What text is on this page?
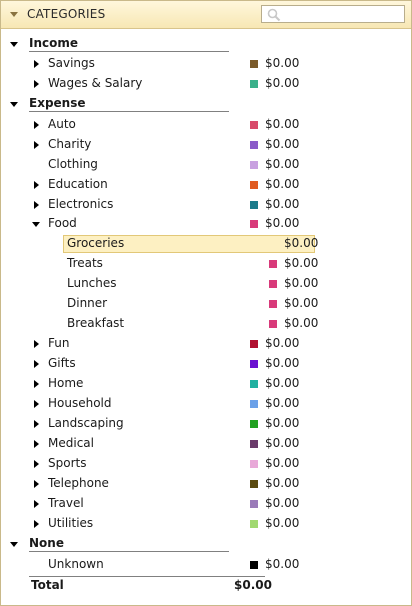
CATEGORIES
Income
Savings	$0.00
Wages & Salary	$0.00
Expense
Auto	$0.00
Charity	$0.00
Clothing	$0.00
Education	$0.00
Electronics	$0.00
Food	$0.00
Groceries	$0.00
Treats	$0.00
Lunches	$0.00
Dinner	$0.00
Breakfast	$0.00
Fun	$0.00
Gifts	$0.00
Home	$0.00
Household	$0.00
Landscaping	$0.00
Medical	$0.00
Sports	$0.00
Telephone	$0.00
Travel	$0.00
Utilities	$0.00
None
Unknown	$0.00
Total	$0.00
